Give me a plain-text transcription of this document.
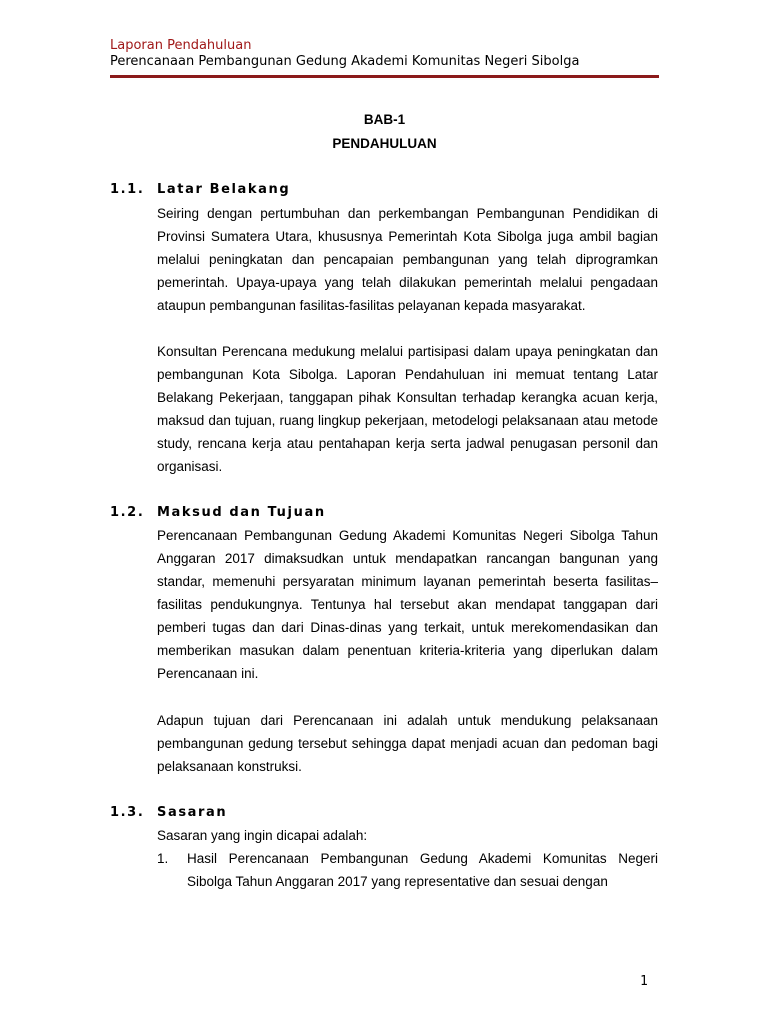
Laporan Pendahuluan
Perencanaan Pembangunan Gedung Akademi Komunitas Negeri Sibolga
BAB-1
PENDAHULUAN
1.1. Latar Belakang
Seiring dengan pertumbuhan dan perkembangan Pembangunan Pendidikan di Provinsi Sumatera Utara, khususnya Pemerintah Kota Sibolga juga ambil bagian melalui peningkatan dan pencapaian pembangunan yang telah diprogramkan pemerintah. Upaya-upaya yang telah dilakukan pemerintah melalui pengadaan ataupun pembangunan fasilitas-fasilitas pelayanan kepada masyarakat.
Konsultan Perencana medukung melalui partisipasi dalam upaya peningkatan dan pembangunan Kota Sibolga. Laporan Pendahuluan ini memuat tentang Latar Belakang Pekerjaan, tanggapan pihak Konsultan terhadap kerangka acuan kerja, maksud dan tujuan, ruang lingkup pekerjaan, metodelogi pelaksanaan atau metode study, rencana kerja atau pentahapan kerja serta jadwal penugasan personil dan organisasi.
1.2. Maksud dan Tujuan
Perencanaan Pembangunan Gedung Akademi Komunitas Negeri Sibolga Tahun Anggaran 2017 dimaksudkan untuk mendapatkan rancangan bangunan yang standar, memenuhi persyaratan minimum layanan pemerintah beserta fasilitas–fasilitas pendukungnya. Tentunya hal tersebut akan mendapat tanggapan dari pemberi tugas dan dari Dinas-dinas yang terkait, untuk merekomendasikan dan memberikan masukan dalam penentuan kriteria-kriteria yang diperlukan dalam Perencanaan ini.
Adapun tujuan dari Perencanaan ini adalah untuk mendukung pelaksanaan pembangunan gedung tersebut sehingga dapat menjadi acuan dan pedoman bagi pelaksanaan konstruksi.
1.3. Sasaran
Sasaran yang ingin dicapai adalah:
1. Hasil Perencanaan Pembangunan Gedung Akademi Komunitas Negeri Sibolga Tahun Anggaran 2017 yang representative dan sesuai dengan
1
